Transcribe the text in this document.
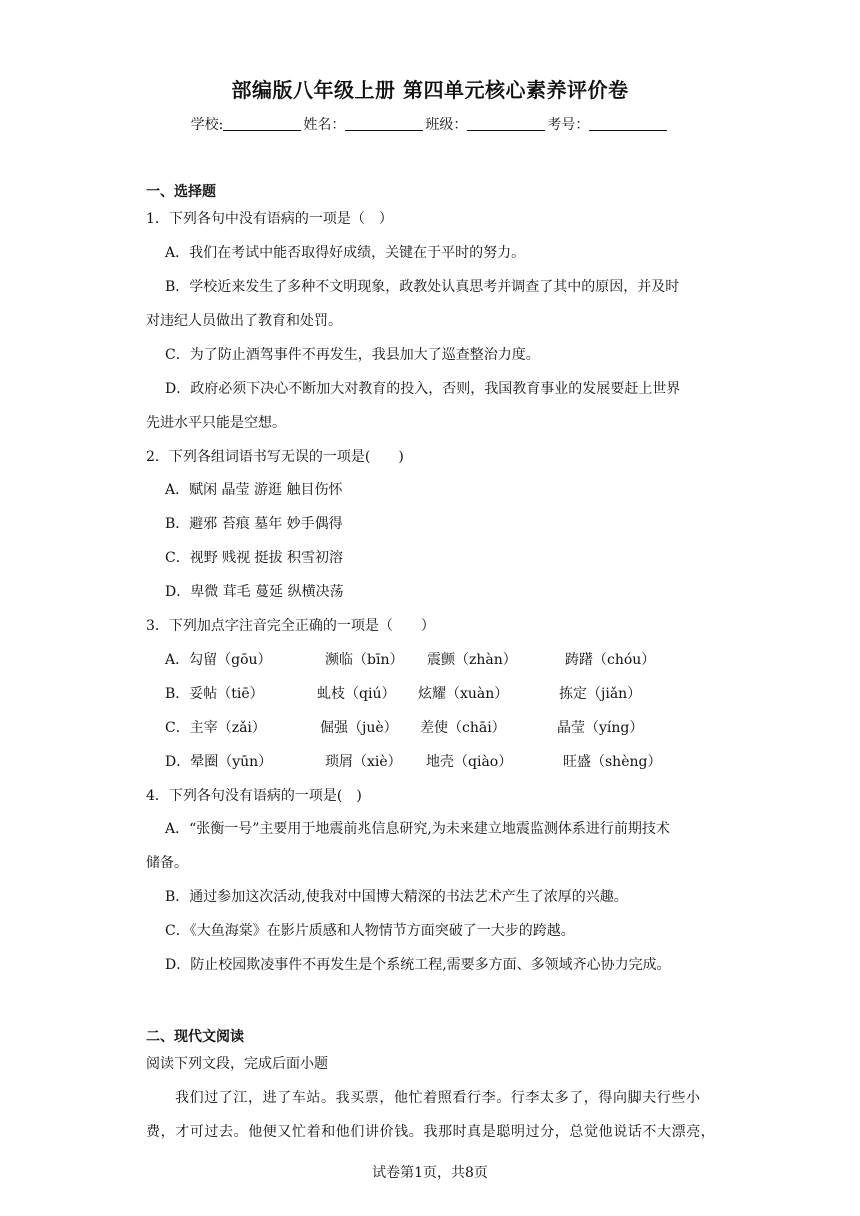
部编版八年级上册 第四单元核心素养评价卷
学校:	姓名：	班级：	考号：
一、选择题
1．下列各句中没有语病的一项是（　）
A．我们在考试中能否取得好成绩，关键在于平时的努力。
B．学校近来发生了多种不文明现象，政教处认真思考并调查了其中的原因，并及时
对违纪人员做出了教育和处罚。
C．为了防止酒驾事件不再发生，我县加大了巡查整治力度。
D．政府必须下决心不断加大对教育的投入，否则，我国教育事业的发展要赶上世界
先进水平只能是空想。
2．下列各组词语书写无误的一项是(　　)
A．赋闲 晶莹 游逛 触目伤怀
B．避邪 苔痕 墓年 妙手偶得
C．视野 贱视 挺拔 积雪初溶
D．卑微 茸毛 蔓延 纵横决荡
3．下列加点字注音完全正确的一项是（　　）
A．勾留（gōu）	濒临（bīn） 震颤（zhàn）	踌躇（chóu）
B．妥帖（tiē）	虬枝（qiú） 炫耀（xuàn）	拣定（jiǎn）
C．主宰（zǎi）	倔强（juè） 差使（chāi）	晶莹（yíng）
D．晕圈（yūn）	琐屑（xiè） 地壳（qiào）	旺盛（shèng）
4．下列各句没有语病的一项是(　)
A．“张衡一号”主要用于地震前兆信息研究,为未来建立地震监测体系进行前期技术
储备。
B．通过参加这次活动,使我对中国博大精深的书法艺术产生了浓厚的兴趣。
C．《大鱼海棠》在影片质感和人物情节方面突破了一大步的跨越。
D．防止校园欺凌事件不再发生是个系统工程,需要多方面、多领域齐心协力完成。
二、现代文阅读
阅读下列文段，完成后面小题
我们过了江，进了车站。我买票，他忙着照看行李。行李太多了，得向脚夫行些小
费，才可过去。他便又忙着和他们讲价钱。我那时真是聪明过分，总觉他说话不大漂亮，
试卷第1页，共8页
